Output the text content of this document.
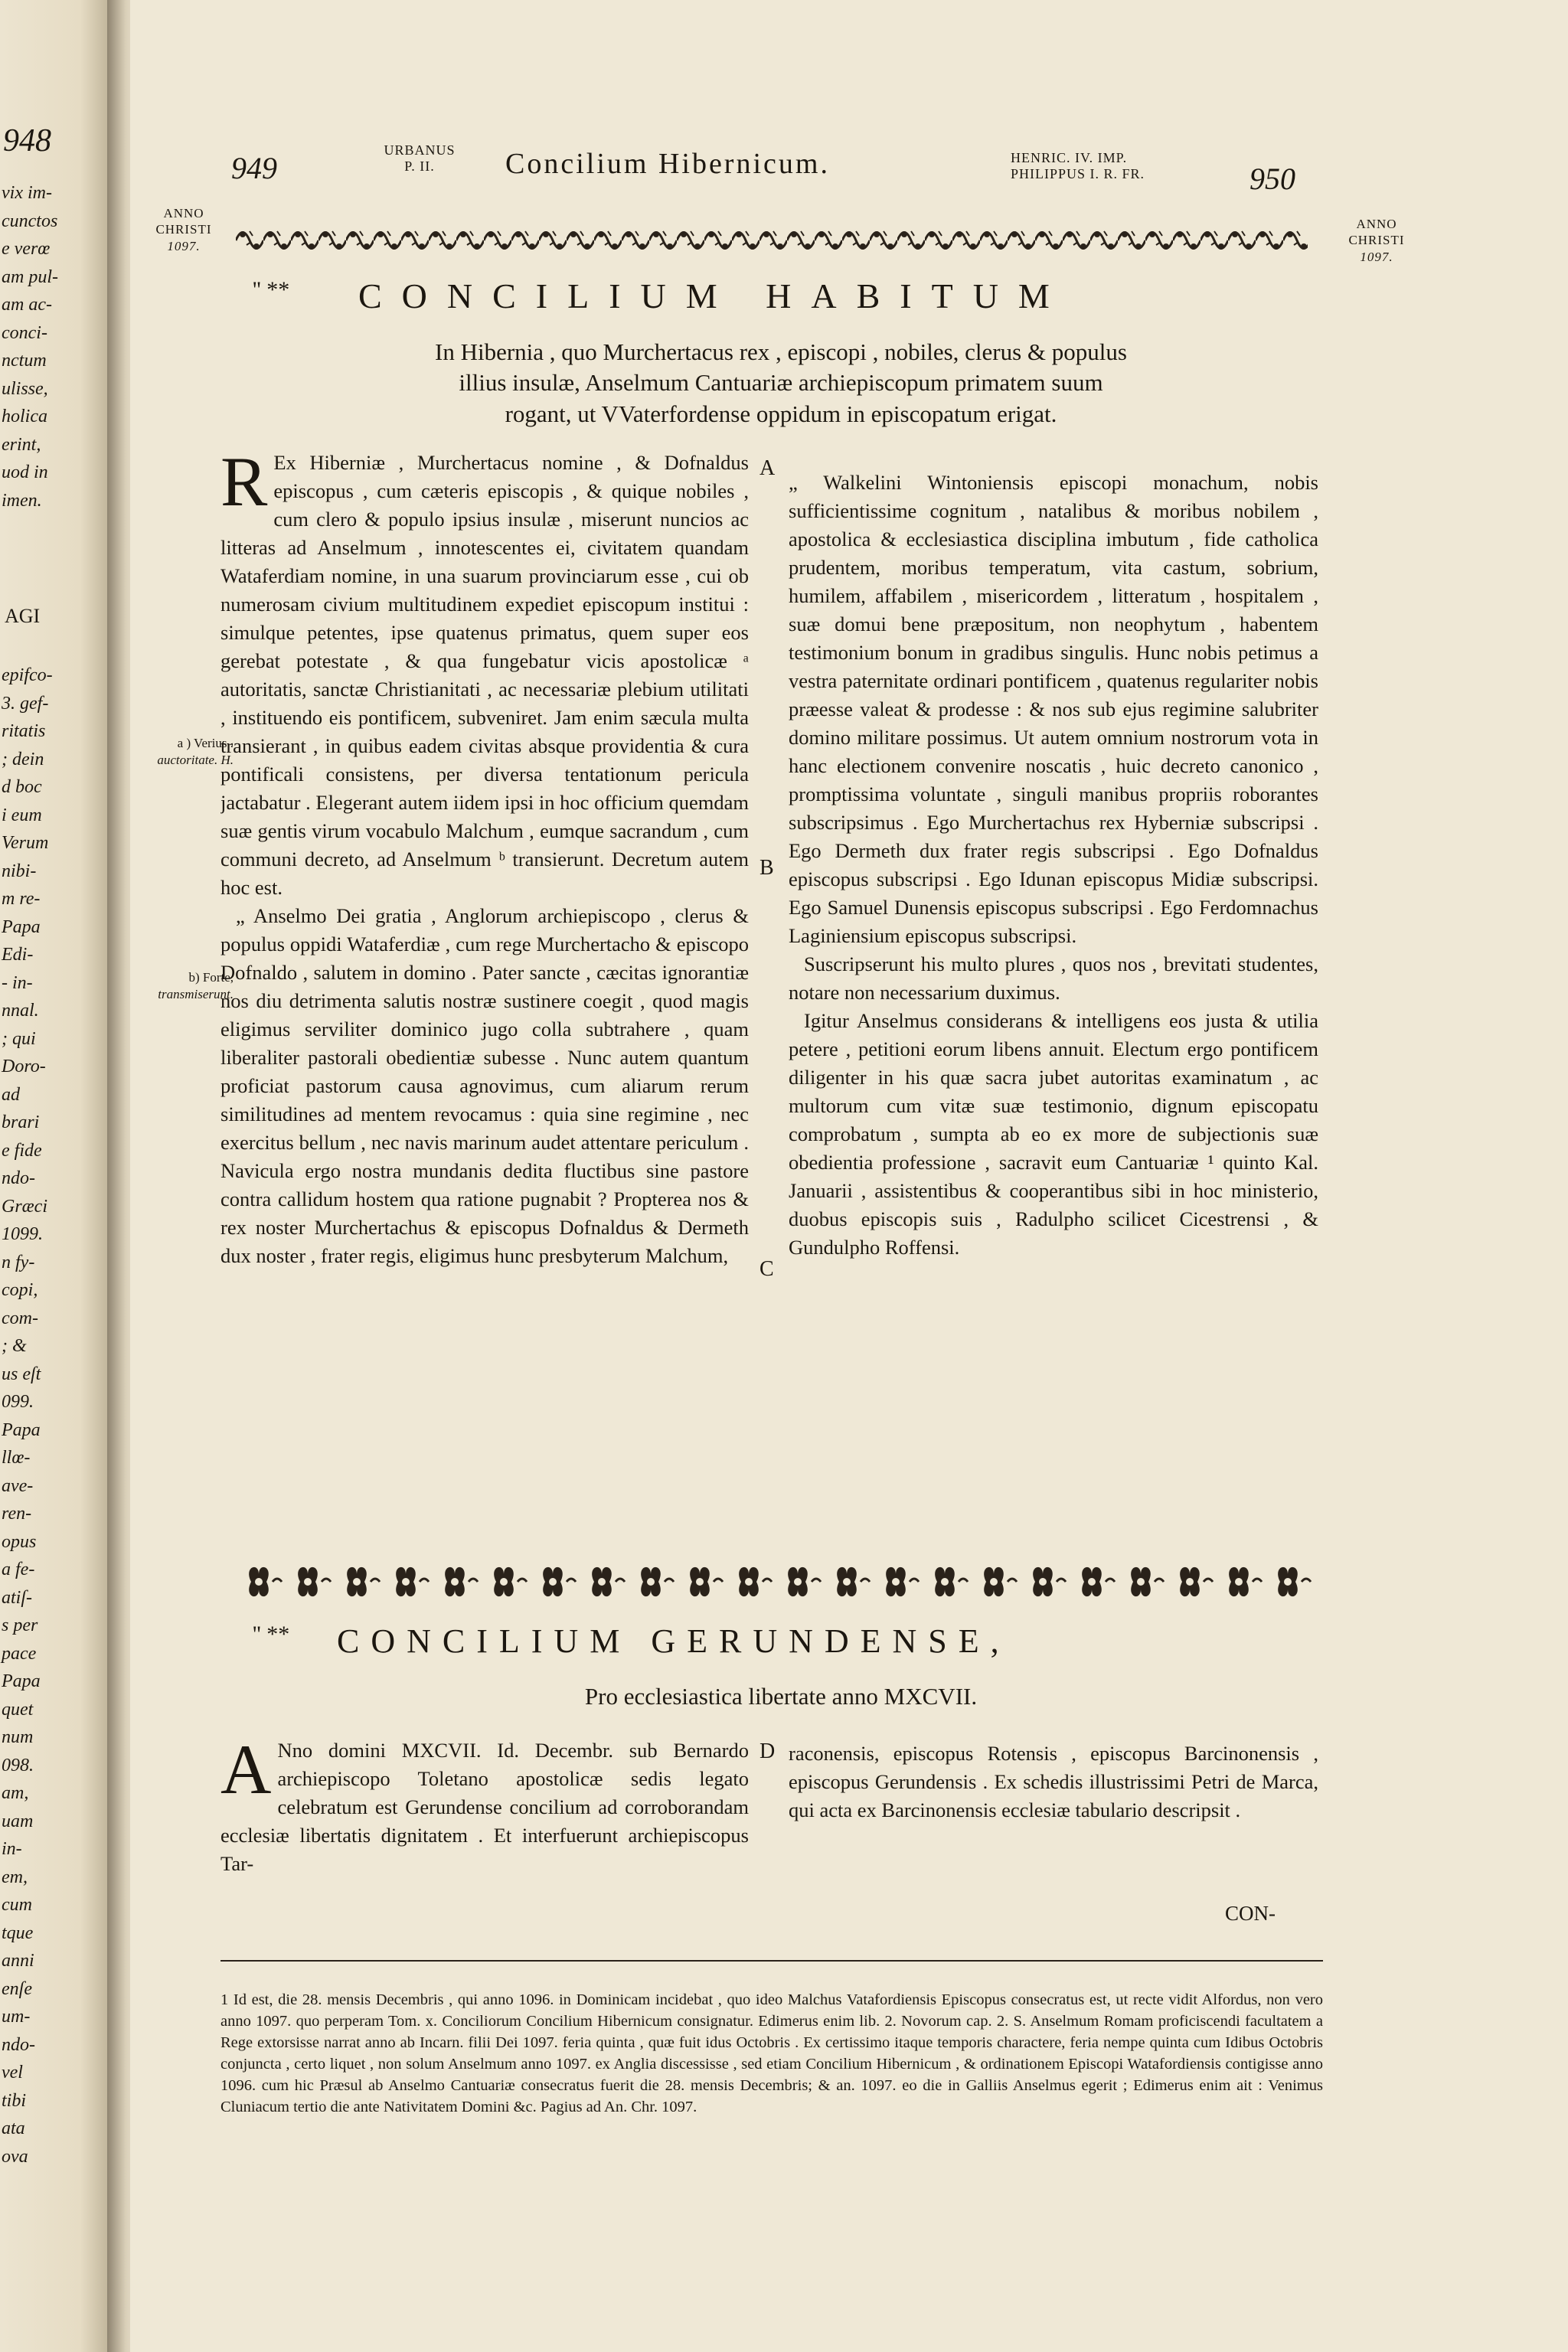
948
vix im-
cunctos
e verœ
am pul-
am ac-
conci-
nctum
ulisse,
holica
erint,
uod in
imen.
epifco-
3. gef-
ritatis
; dein
d boc
i eum
Verum
nibi-
m re-
Papa
Edi-
- in-
nnal.
; qui
Doro-
ad
brari
e fide
ndo-
Græci
1099.
n fy-
copi,
com-
; &
us eſt
099.
Papa
llœ-
ave-
ren-
opus
a fe-
atiſ-
s per
pace
Papa
quet
num
098.
am,
uam
in-
em,
cum
tque
anni
enſe
um-
ndo-
vel
tibi
ata
ova
AGI
949
URBANUS
P. II.	Concilium Hibernicum.	HENRIC. IV. IMP.
PHILIPPUS I. R. FR.	950
ANNO
CHRISTI
1097.
ANNO
CHRISTI
1097.
'' ** CONCILIUM HABITUM
In Hibernia , quo Murchertacus rex , episcopi , nobiles, clerus & populus
illius insulæ, Anselmum Cantuariæ archiepiscopum primatem suum
rogant, ut VVaterfordense oppidum in episcopatum erigat.
a ) Verius .
auctoritate. H.
b) Forte,
transmiserunt.
A
B
C

R Ex Hiberniæ , Murchertacus nomine , & Dofnaldus episcopus , cum cæteris episcopis , & quique nobiles , cum clero & populo ipsius insulæ , miserunt nuncios ac litteras ad Anselmum , innotescentes ei, civitatem quandam Wataferdiam nomine, in una suarum provinciarum esse , cui ob numerosam civium multitudinem expediet episcopum institui : simulque petentes, ipse quatenus primatus, quem super eos gerebat potestate , & qua fungebatur vicis apostolicæ ᵃ autoritatis, sanctæ Christianitati , ac necessariæ plebium utilitati , instituendo eis pontificem, subveniret. Jam enim sæcula multa transierant , in quibus eadem civitas absque providentia & cura pontificali consistens, per diversa tentationum pericula jactabatur . Elegerant autem iidem ipsi in hoc officium quemdam suæ gentis virum vocabulo Malchum , eumque sacrandum , cum communi decreto, ad Anselmum ᵇ transierunt. Decretum autem hoc est.

„ Anselmo Dei gratia , Anglorum archiepiscopo , clerus & populus oppidi Wataferdiæ , cum rege Murchertacho & episcopo Dofnaldo , salutem in domino . Pater sancte , cæcitas ignorantiæ nos diu detrimenta salutis nostræ sustinere coegit , quod magis eligimus serviliter dominico jugo colla subtrahere , quam liberaliter pastorali obedientiæ subesse . Nunc autem quantum proficiat pastorum causa agnovimus, cum aliarum rerum similitudines ad mentem revocamus : quia sine regimine , nec exercitus bellum , nec navis marinum audet attentare periculum . Navicula ergo nostra mundanis dedita fluctibus sine pastore contra callidum hostem qua ratione pugnabit ? Propterea nos & rex noster Murchertachus & episcopus Dofnaldus & Dermeth dux noster , frater regis, eligimus hunc presbyterum Malchum,

„ Walkelini Wintoniensis episcopi monachum, nobis sufficientissime cognitum , natalibus & moribus nobilem , apostolica & ecclesiastica disciplina imbutum , fide catholica prudentem, moribus temperatum, vita castum, sobrium, humilem, affabilem , misericordem , litteratum , hospitalem , suæ domui bene præpositum, non neophytum , habentem testimonium bonum in gradibus singulis. Hunc nobis petimus a vestra paternitate ordinari pontificem , quatenus regulariter nobis præesse valeat & prodesse : & nos sub ejus regimine salubriter domino militare possimus. Ut autem omnium nostrorum vota in hanc electionem convenire noscatis , huic decreto canonico , promptissima voluntate , singuli manibus propriis roborantes subscripsimus . Ego Murchertachus rex Hyberniæ subscripsi . Ego Dermeth dux frater regis subscripsi . Ego Dofnaldus episcopus subscripsi . Ego Idunan episcopus Midiæ subscripsi. Ego Samuel Dunensis episcopus subscripsi . Ego Ferdomnachus Laginiensium episcopus subscripsi.

Suscripserunt his multo plures , quos nos , brevitati studentes, notare non necessarium duximus.

Igitur Anselmus considerans & intelligens eos justa & utilia petere , petitioni eorum libens annuit. Electum ergo pontificem diligenter in his quæ sacra jubet autoritas examinatum , ac multorum cum vitæ suæ testimonio, dignum episcopatu comprobatum , sumpta ab eo ex more de subjectionis suæ obedientia professione , sacravit eum Cantuariæ ¹ quinto Kal. Januarii , assistentibus & cooperantibus sibi in hoc ministerio, duobus episcopis suis , Radulpho scilicet Cicestrensi , & Gundulpho Roffensi.

'' ** CONCILIUM GERUNDENSE,
Pro ecclesiastica libertate anno MXCVII.
D

A Nno domini MXCVII. Id. Decembr. sub Bernardo archiepiscopo Toletano apostolicæ sedis legato celebratum est Gerundense concilium ad corroborandam ecclesiæ libertatis dignitatem . Et interfuerunt archiepiscopus Tar-

raconensis, episcopus Rotensis , episcopus Barcinonensis , episcopus Gerundensis . Ex schedis illustrissimi Petri de Marca, qui acta ex Barcinonensis ecclesiæ tabulario descripsit .

CON-
1 Id est, die 28. mensis Decembris , qui anno 1096. in Dominicam incidebat , quo ideo Malchus Vatafordiensis Episcopus consecratus est, ut recte vidit Alfordus, non vero anno 1097. quo perperam Tom. x. Conciliorum Concilium Hibernicum consignatur. Edimerus enim lib. 2. Novorum cap. 2. S. Anselmum Romam proficiscendi facultatem a Rege extorsisse narrat anno ab Incarn. filii Dei 1097. feria quinta , quæ fuit idus Octobris . Ex certissimo itaque temporis charactere, feria nempe quinta cum Idibus Octobris conjuncta , certo liquet , non solum Anselmum anno 1097. ex Anglia discessisse , sed etiam Concilium Hibernicum , & ordinationem Episcopi Watafordiensis contigisse anno 1096. cum hic Præsul ab Anselmo Cantuariæ consecratus fuerit die 28. mensis Decembris; & an. 1097. eo die in Galliis Anselmus egerit ; Edimerus enim ait : Venimus Cluniacum tertio die ante Nativitatem Domini &c. Pagius ad An. Chr. 1097.
